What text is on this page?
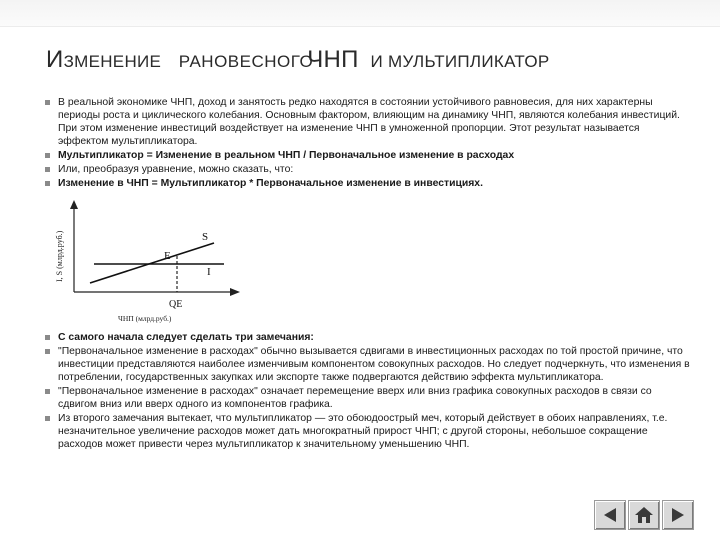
ИЗМЕНЕНИЕ РАНОВЕСНОГОЧНП И МУЛЬТИПЛИКАТОР
В реальной экономике ЧНП, доход и занятость редко находятся в состоянии устойчивого равновесия, для них характерны периоды роста и циклического колебания. Основным фактором, влияющим на динамику ЧНП, являются колебания инвестиций. При этом изменение инвестиций воздействует на изменение ЧНП в умноженной пропорции. Этот результат называется эффектом мультипликатора.
Мультипликатор = Изменение в реальном ЧНП / Первоначальное изменение в расходах
Или, преобразуя уравнение, можно сказать, что:
Изменение в ЧНП = Мультипликатор * Первоначальное изменение в инвестициях.
I, S (млрд.руб.)
ЧНП (млрд.руб.)
E
S
I
QE
С самого начала следует сделать три замечания:
"Первоначальное изменение в расходах" обычно вызывается сдвигами в инвестиционных расходах по той простой причине, что инвестиции представляются наиболее изменчивым компонентом совокупных расходов. Но следует подчеркнуть, что изменения в потреблении, государственных закупках или экспорте также подвергаются действию эффекта мультипликатора.
"Первоначальное изменение в расходах" означает перемещение вверх или вниз графика совокупных расходов в связи со сдвигом вниз или вверх одного из компонентов графика.
Из второго замечания вытекает, что мультипликатор — это обоюдоострый меч, который действует в обоих направлениях, т.е. незначительное увеличение расходов может дать многократный прирост ЧНП; с другой стороны, небольшое сокращение расходов может привести через мультипликатор к значительному уменьшению ЧНП.
